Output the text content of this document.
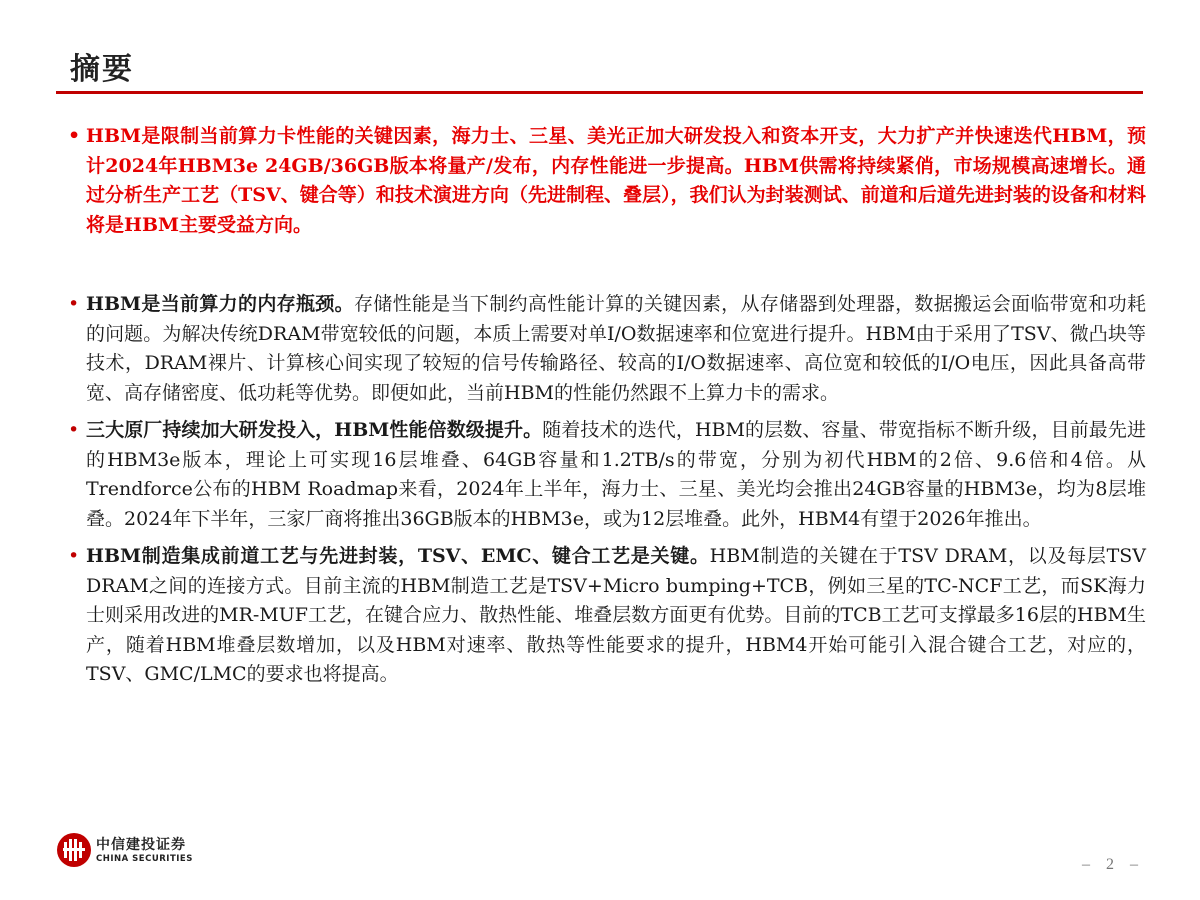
摘要

• HBM是限制当前算力卡性能的关键因素，海力士、三星、美光正加大研发投入和资本开支，大力扩产并快速迭代HBM，预计2024年HBM3e 24GB/36GB版本将量产/发布，内存性能进一步提高。HBM供需将持续紧俏，市场规模高速增长。通过分析生产工艺（TSV、键合等）和技术演进方向（先进制程、叠层），我们认为封装测试、前道和后道先进封装的设备和材料将是HBM主要受益方向。

• HBM是当前算力的内存瓶颈。存储性能是当下制约高性能计算的关键因素，从存储器到处理器，数据搬运会面临带宽和功耗的问题。为解决传统DRAM带宽较低的问题，本质上需要对单I/O数据速率和位宽进行提升。HBM由于采用了TSV、微凸块等技术，DRAM裸片、计算核心间实现了较短的信号传输路径、较高的I/O数据速率、高位宽和较低的I/O电压，因此具备高带宽、高存储密度、低功耗等优势。即便如此，当前HBM的性能仍然跟不上算力卡的需求。

• 三大原厂持续加大研发投入，HBM性能倍数级提升。随着技术的迭代，HBM的层数、容量、带宽指标不断升级，目前最先进的HBM3e版本，理论上可实现16层堆叠、64GB容量和1.2TB/s的带宽，分别为初代HBM的2倍、9.6倍和4倍。从Trendforce公布的HBM Roadmap来看，2024年上半年，海力士、三星、美光均会推出24GB容量的HBM3e，均为8层堆叠。2024年下半年，三家厂商将推出36GB版本的HBM3e，或为12层堆叠。此外，HBM4有望于2026年推出。

• HBM制造集成前道工艺与先进封装，TSV、EMC、键合工艺是关键。HBM制造的关键在于TSV DRAM，以及每层TSV DRAM之间的连接方式。目前主流的HBM制造工艺是TSV+Micro bumping+TCB，例如三星的TC-NCF工艺，而SK海力士则采用改进的MR-MUF工艺，在键合应力、散热性能、堆叠层数方面更有优势。目前的TCB工艺可支撑最多16层的HBM生产，随着HBM堆叠层数增加，以及HBM对速率、散热等性能要求的提升，HBM4开始可能引入混合键合工艺，对应的，TSV、GMC/LMC的要求也将提高。

中信建投证券
CHINA SECURITIES	– 2 –
